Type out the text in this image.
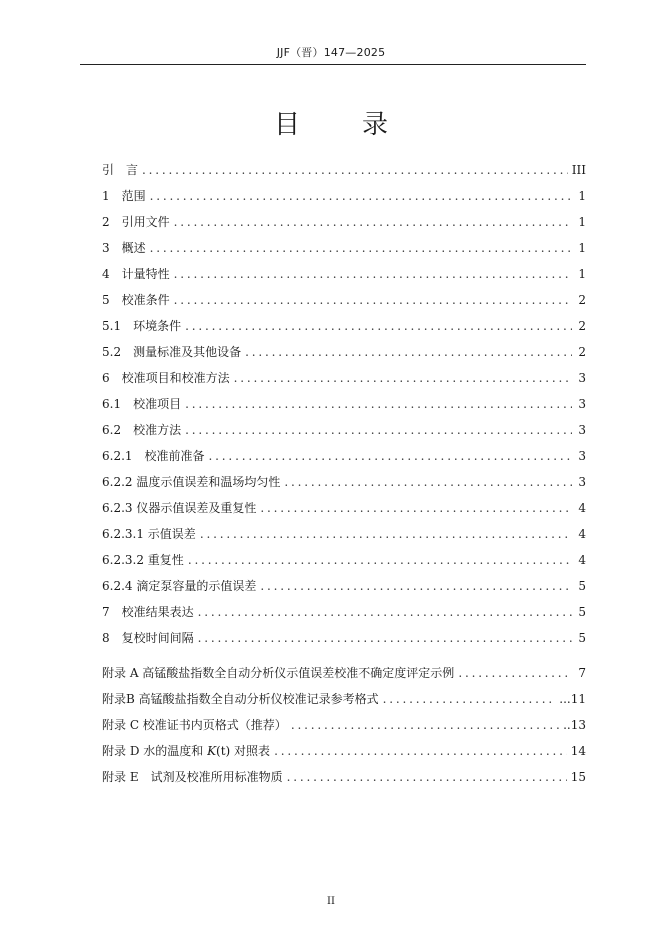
JJF（晋）147—2025
目　录
引　言 . . .	III
1　范围 . . .	1
2　引用文件 . . .	1
3　概述 . . .	1
4　计量特性 . . .	1
5　校准条件 . . .	2
5.1　环境条件 . . .	2
5.2　测量标准及其他设备 . . .	2
6　校准项目和校准方法 . . .	3
6.1　校准项目 . . .	3
6.2　校准方法 . . .	3
6.2.1　校准前准备 . . .	3
6.2.2 温度示值误差和温场均匀性 . . .	3
6.2.3 仪器示值误差及重复性 . . .	4
6.2.3.1 示值误差 . . .	4
6.2.3.2 重复性 . . .	4
6.2.4 滴定泵容量的示值误差 . . .	5
7　校准结果表达 . . .	5
8　复校时间间隔 . . .	5
附录 A 高锰酸盐指数全自动分析仪示值误差校准不确定度评定示例 . . .	7
附录B 高锰酸盐指数全自动分析仪校准记录参考格式 . . .	...11
附录 C 校准证书内页格式（推荐） . . .	..13
附录 D 水的温度和 K(t) 对照表 . . .	14
附录 E　试剂及校准所用标准物质 . . .	15
II
